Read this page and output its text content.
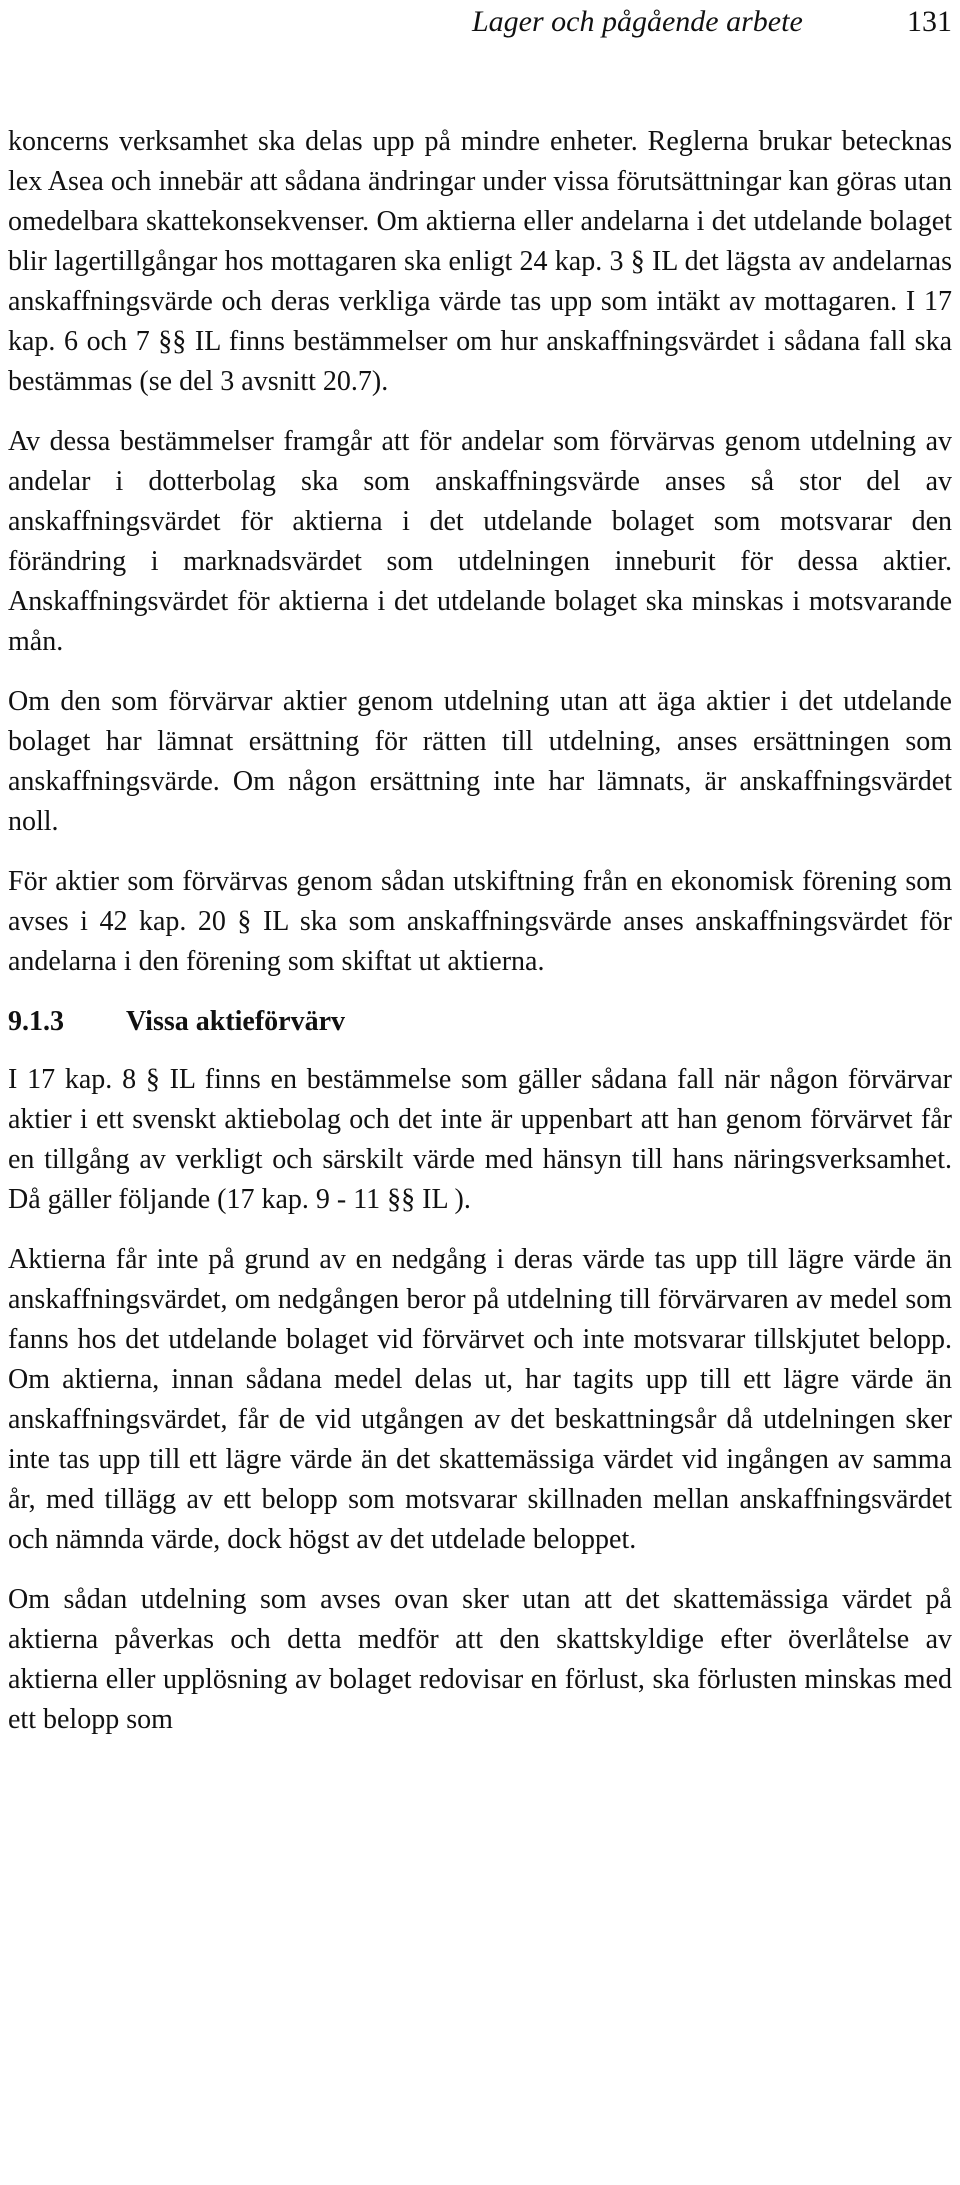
Lager och pågående arbete	131

koncerns verksamhet ska delas upp på mindre enheter. Reglerna brukar betecknas lex Asea och innebär att sådana ändringar under vissa förutsättningar kan göras utan omedelbara skattekonsekvenser. Om aktierna eller andelarna i det utdelande bolaget blir lagertillgångar hos mottagaren ska enligt 24 kap. 3 § IL det lägsta av andelarnas anskaffningsvärde och deras verkliga värde tas upp som intäkt av mottagaren. I 17 kap. 6 och 7 §§ IL finns bestämmelser om hur anskaffningsvärdet i sådana fall ska bestämmas (se del 3 avsnitt 20.7).

Av dessa bestämmelser framgår att för andelar som förvärvas genom utdelning av andelar i dotterbolag ska som anskaffningsvärde anses så stor del av anskaffningsvärdet för aktierna i det utdelande bolaget som motsvarar den förändring i marknadsvärdet som utdelningen inneburit för dessa aktier. Anskaffningsvärdet för aktierna i det utdelande bolaget ska minskas i motsvarande mån.

Om den som förvärvar aktier genom utdelning utan att äga aktier i det utdelande bolaget har lämnat ersättning för rätten till utdelning, anses ersättningen som anskaffningsvärde. Om någon ersättning inte har lämnats, är anskaffningsvärdet noll.

För aktier som förvärvas genom sådan utskiftning från en ekonomisk förening som avses i 42 kap. 20 § IL ska som anskaffningsvärde anses anskaffningsvärdet för andelarna i den förening som skiftat ut aktierna.

9.1.3 Vissa aktieförvärv

I 17 kap. 8 § IL finns en bestämmelse som gäller sådana fall när någon förvärvar aktier i ett svenskt aktiebolag och det inte är uppenbart att han genom förvärvet får en tillgång av verkligt och särskilt värde med hänsyn till hans näringsverksamhet. Då gäller följande (17 kap. 9 - 11 §§ IL ).

Aktierna får inte på grund av en nedgång i deras värde tas upp till lägre värde än anskaffningsvärdet, om nedgången beror på utdelning till förvärvaren av medel som fanns hos det utdelande bolaget vid förvärvet och inte motsvarar tillskjutet belopp. Om aktierna, innan sådana medel delas ut, har tagits upp till ett lägre värde än anskaffningsvärdet, får de vid utgången av det beskattningsår då utdelningen sker inte tas upp till ett lägre värde än det skattemässiga värdet vid ingången av samma år, med tillägg av ett belopp som motsvarar skillnaden mellan anskaffningsvärdet och nämnda värde, dock högst av det utdelade beloppet.

Om sådan utdelning som avses ovan sker utan att det skattemässiga värdet på aktierna påverkas och detta medför att den skattskyldige efter överlåtelse av aktierna eller upplösning av bolaget redovisar en förlust, ska förlusten minskas med ett belopp som
